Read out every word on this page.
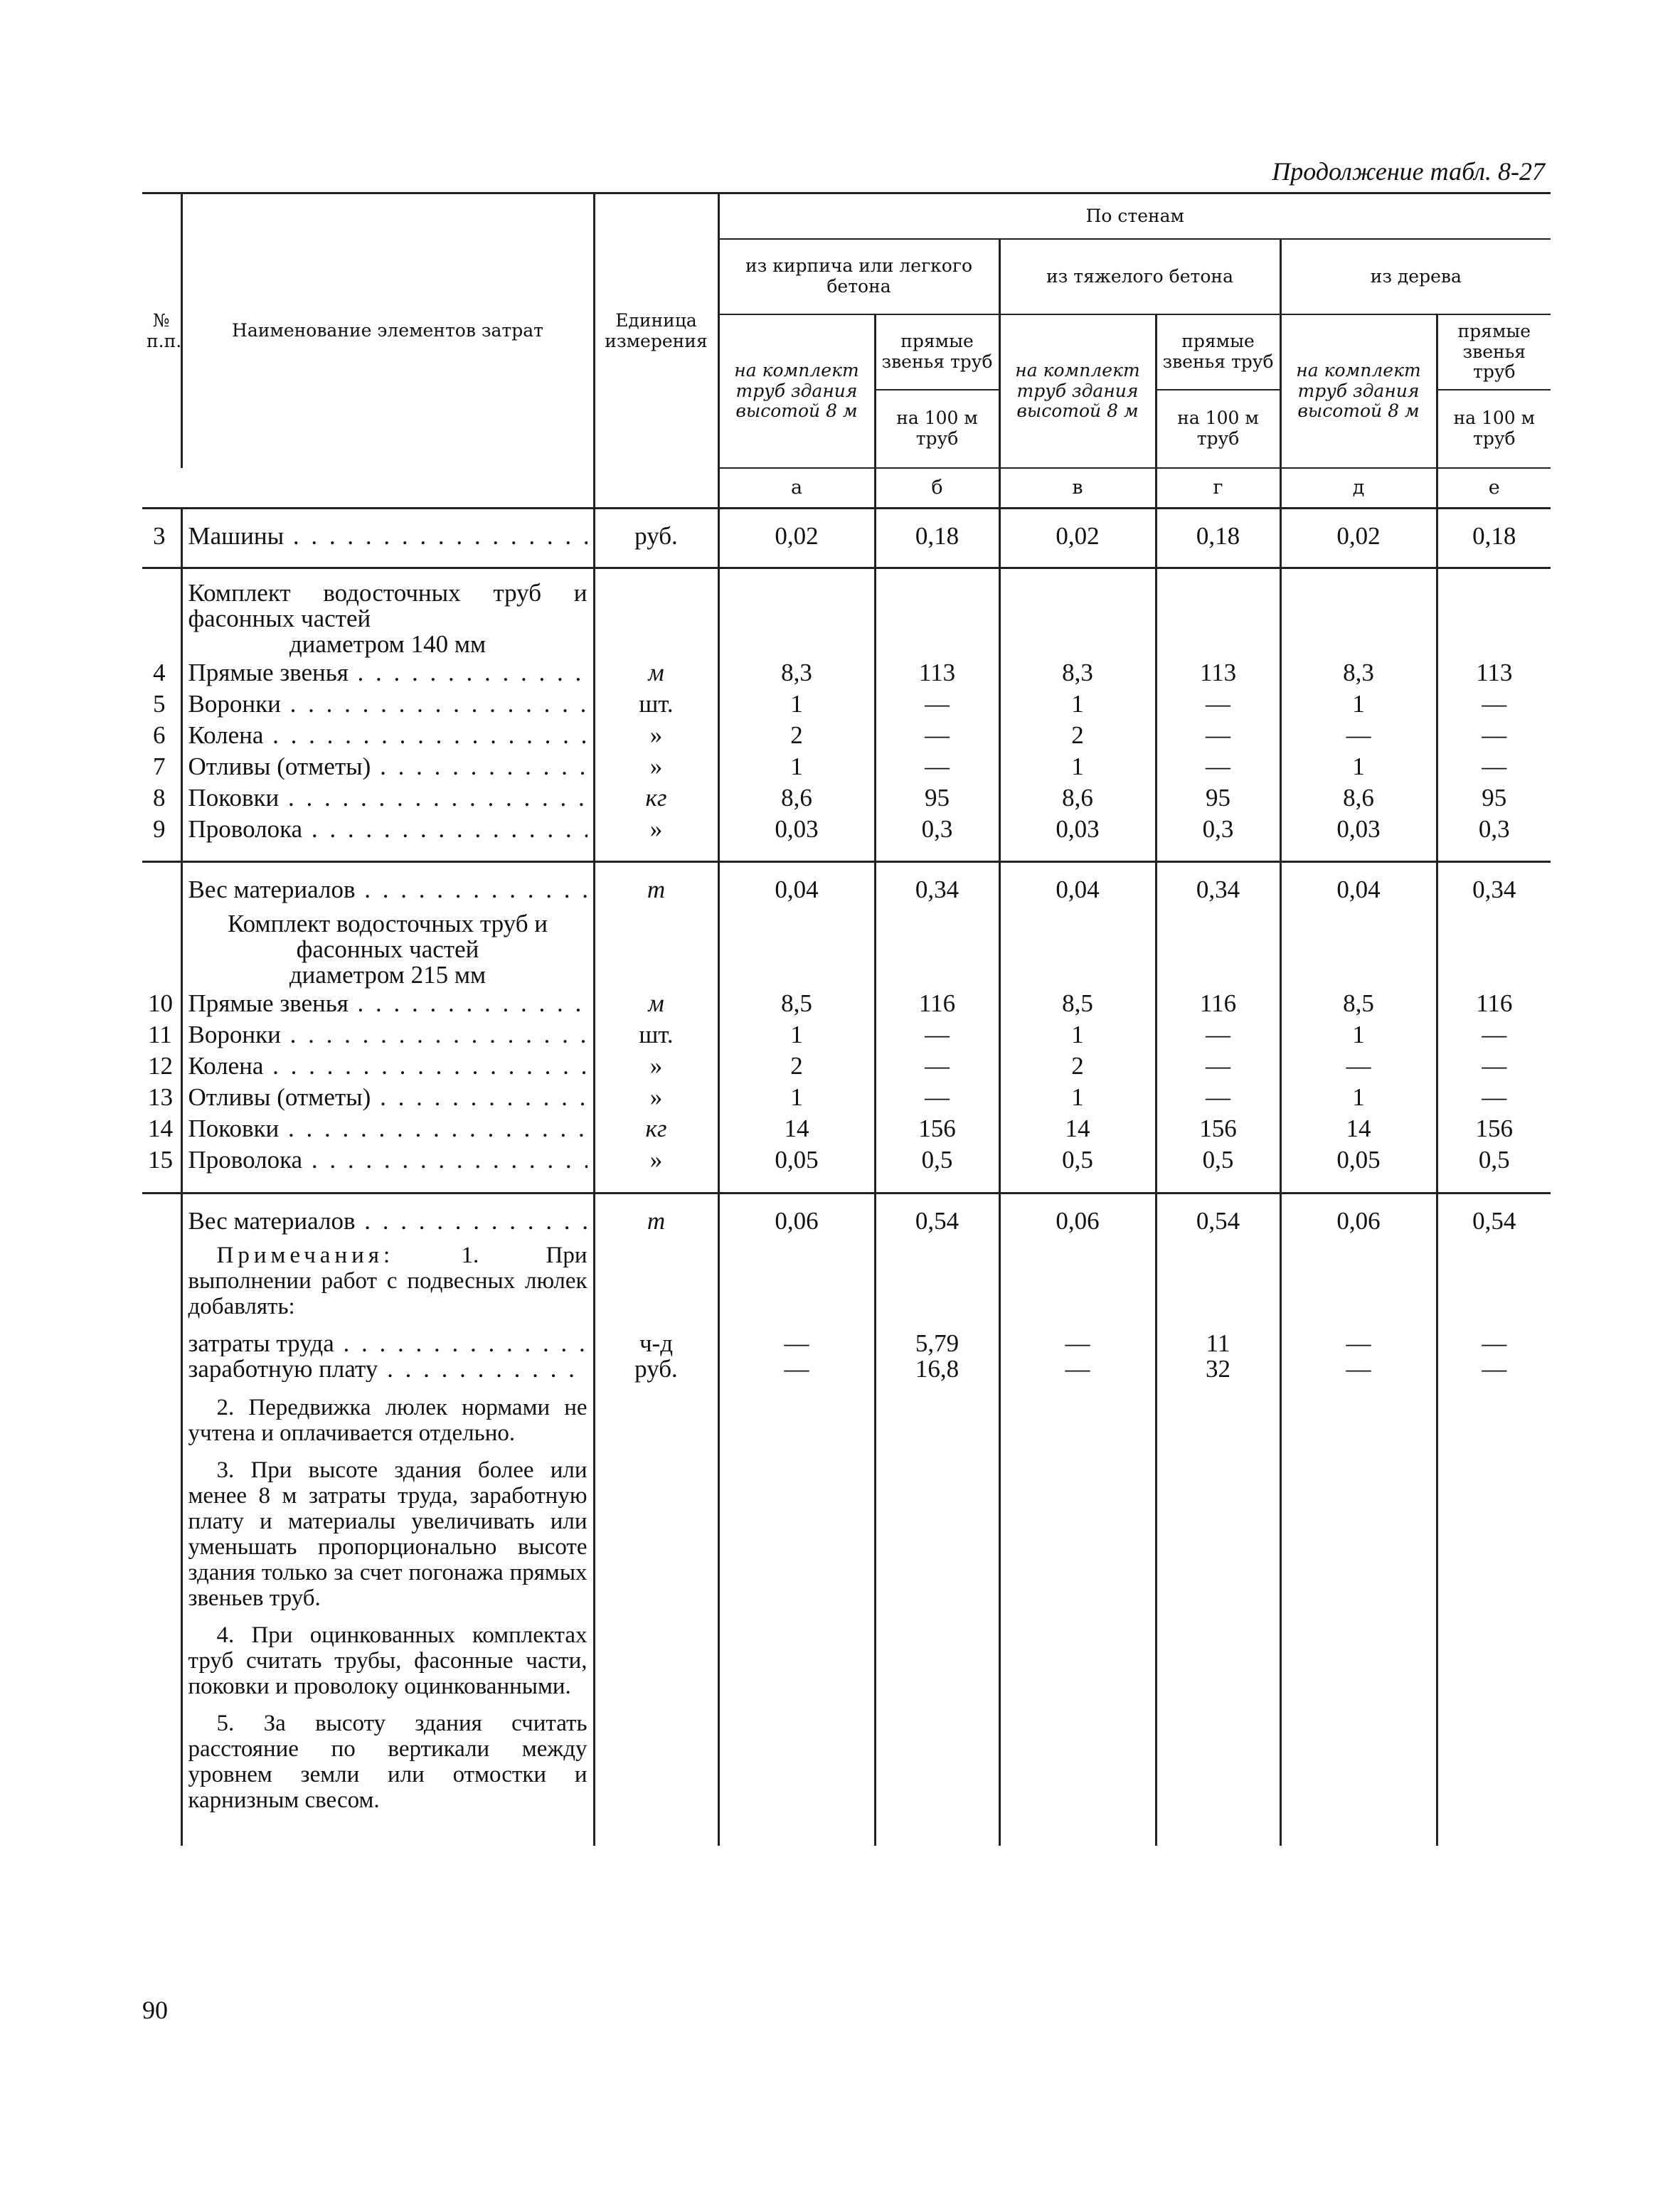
Продолжение табл. 8-27
№ п.п.	Наименование элементов затрат	Единица измерения	По стенам					
			из кирпича или легкого бетона		из тяжелого бетона		из дерева	
			на комплект труб здания высотой 8 м	прямые звенья труб	на комплект труб здания высотой 8 м	прямые звенья труб	на комплект труб здания высотой 8 м	прямые звенья труб
				на 100 м труб		на 100 м труб		на 100 м труб
			а	б	в	г	д	е
3	Машины . . .	руб.	0,02	0,18	0,02	0,18	0,02	0,18

	Комплект водосточных труб и фасонных частей
диаметром 140 мм							

4	Прямые звенья . . .	м	8,3	113	8,3	113	8,3	113
5	Воронки . . .	шт.	1	—	1	—	1	—
6	Колена . . .	»	2	—	2	—	—	—
7	Отливы (отметы) . . .	»	1	—	1	—	1	—
8	Поковки . . .	кг	8,6	95	8,6	95	8,6	95
9	Проволока . . .	»	0,03	0,3	0,03	0,3	0,03	0,3

	Вес материалов . . .	т	0,04	0,34	0,04	0,34	0,04	0,34

	Комплект водосточных труб и фасонных частей
диаметром 215 мм							

10	Прямые звенья . . .	м	8,5	116	8,5	116	8,5	116
11	Воронки . . .	шт.	1	—	1	—	1	—
12	Колена . . .	»	2	—	2	—	—	—
13	Отливы (отметы) . . .	»	1	—	1	—	1	—
14	Поковки . . .	кг	14	156	14	156	14	156
15	Проволока . . .	»	0,05	0,5	0,5	0,5	0,05	0,5

	Вес материалов . . .	т	0,06	0,54	0,06	0,54	0,06	0,54

	Примечания: 1. При выполнении работ с подвесных люлек добавлять:							

	затраты труда . . .	ч-д	—	5,79	—	11	—	—

	заработную плату . . .	руб.	—	16,8	—	32	—	—

	2. Передвижка люлек нормами не учтена и оплачивается отдельно.
3. При высоте здания более или менее 8 м затраты труда, заработную плату и материалы увеличивать или уменьшать пропорционально высоте здания только за счет погонажа прямых звеньев труб.
4. При оцинкованных комплектах труб считать трубы, фасонные части, поковки и проволоку оцинкованными.
5. За высоту здания считать расстояние по вертикали между уровнем земли или отмостки и карнизным свесом.							

90
